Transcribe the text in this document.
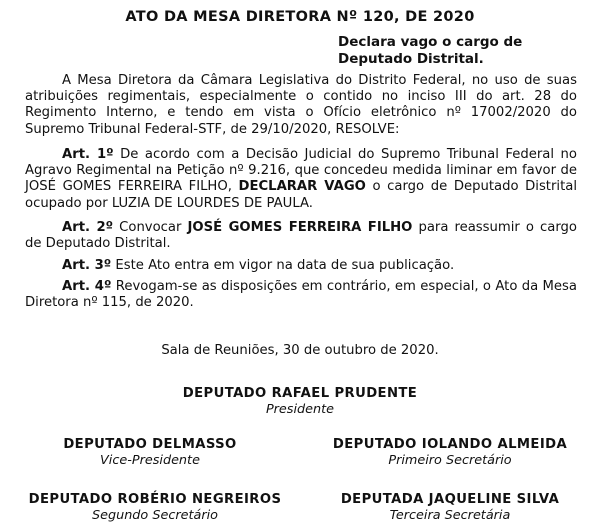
ATO DA MESA DIRETORA Nº 120, DE 2020
Declara vago o cargo de Deputado Distrital.
A Mesa Diretora da Câmara Legislativa do Distrito Federal, no uso de suas atribuições regimentais, especialmente o contido no inciso III do art. 28 do Regimento Interno, e tendo em vista o Ofício eletrônico nº 17002/2020 do Supremo Tribunal Federal-STF, de 29/10/2020, RESOLVE:
Art. 1º De acordo com a Decisão Judicial do Supremo Tribunal Federal no Agravo Regimental na Petição nº 9.216, que concedeu medida liminar em favor de JOSÉ GOMES FERREIRA FILHO, DECLARAR VAGO o cargo de Deputado Distrital ocupado por LUZIA DE LOURDES DE PAULA.
Art. 2º Convocar JOSÉ GOMES FERREIRA FILHO para reassumir o cargo de Deputado Distrital.
Art. 3º Este Ato entra em vigor na data de sua publicação.
Art. 4º Revogam-se as disposições em contrário, em especial, o Ato da Mesa Diretora nº 115, de 2020.
Sala de Reuniões, 30 de outubro de 2020.
DEPUTADO RAFAEL PRUDENTE
Presidente
DEPUTADO DELMASSO
Vice-Presidente
DEPUTADO IOLANDO ALMEIDA
Primeiro Secretário
DEPUTADO ROBÉRIO NEGREIROS
Segundo Secretário
DEPUTADA JAQUELINE SILVA
Terceira Secretária
